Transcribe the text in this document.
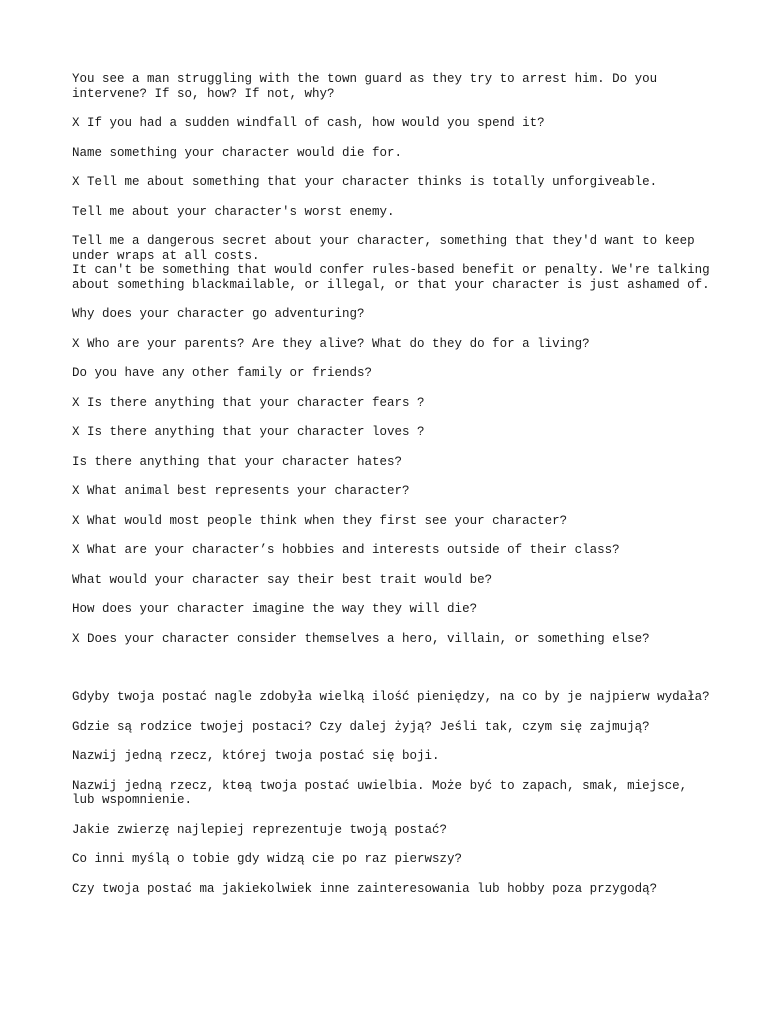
You see a man struggling with the town guard as they try to arrest him. Do you intervene? If so, how? If not, why?

X If you had a sudden windfall of cash, how would you spend it?

Name something your character would die for.

X Tell me about something that your character thinks is totally unforgiveable.

Tell me about your character's worst enemy.

Tell me a dangerous secret about your character, something that they'd want to keep under wraps at all costs.
It can't be something that would confer rules-based benefit or penalty. We're talking about something blackmailable, or illegal, or that your character is just ashamed of.

Why does your character go adventuring?

X Who are your parents? Are they alive? What do they do for a living?

Do you have any other family or friends?

X Is there anything that your character fears ?

X Is there anything that your character loves ?

Is there anything that your character hates?

X What animal best represents your character?

X What would most people think when they first see your character?

X What are your character’s hobbies and interests outside of their class?

What would your character say their best trait would be?

How does your character imagine the way they will die?

X Does your character consider themselves a hero, villain, or something else?

Gdyby twoja postać nagle zdobyła wielką ilość pieniędzy, na co by je najpierw wydała?

Gdzie są rodzice twojej postaci? Czy dalej żyją? Jeśli tak, czym się zajmują?

Nazwij jedną rzecz, której twoja postać się boji.

Nazwij jedną rzecz, ktөą twoja postać uwielbia. Może być to zapach, smak, miejsce, lub wspomnienie.

Jakie zwierzę najlepiej reprezentuje twoją postać?

Co inni myślą o tobie gdy widzą cie po raz pierwszy?

Czy twoja postać ma jakiekolwiek inne zainteresowania lub hobby poza przygodą?
